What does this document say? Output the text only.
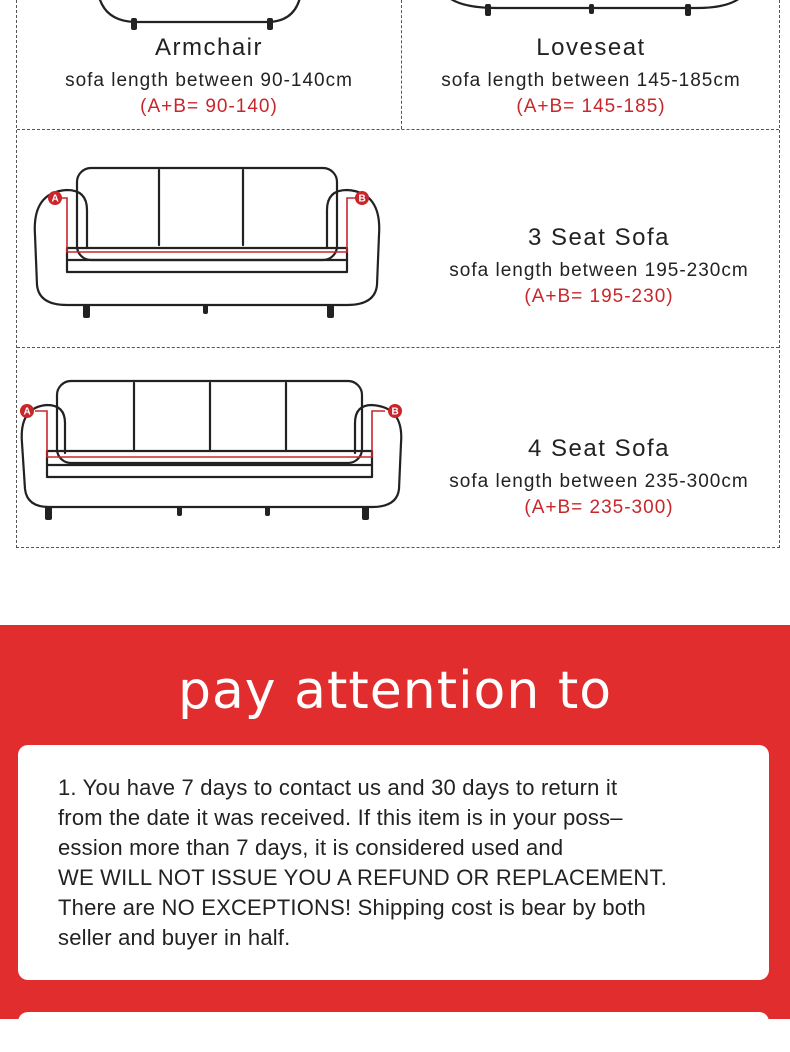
Armchair
sofa length between 90-140cm
(A+B= 90-140)
Loveseat
sofa length between 145-185cm
(A+B= 145-185)
A	B
3 Seat Sofa
sofa length between 195-230cm
(A+B= 195-230)
A	B
4 Seat Sofa
sofa length between 235-300cm
(A+B= 235-300)
pay attention to
1. You have 7 days to contact us and 30 days to return it
from the date it was received. If this item is in your poss–
ession more than 7 days, it is considered used and
WE WILL NOT ISSUE YOU A REFUND OR REPLACEMENT.
There are NO EXCEPTIONS! Shipping cost is bear by both
seller and buyer in half.
